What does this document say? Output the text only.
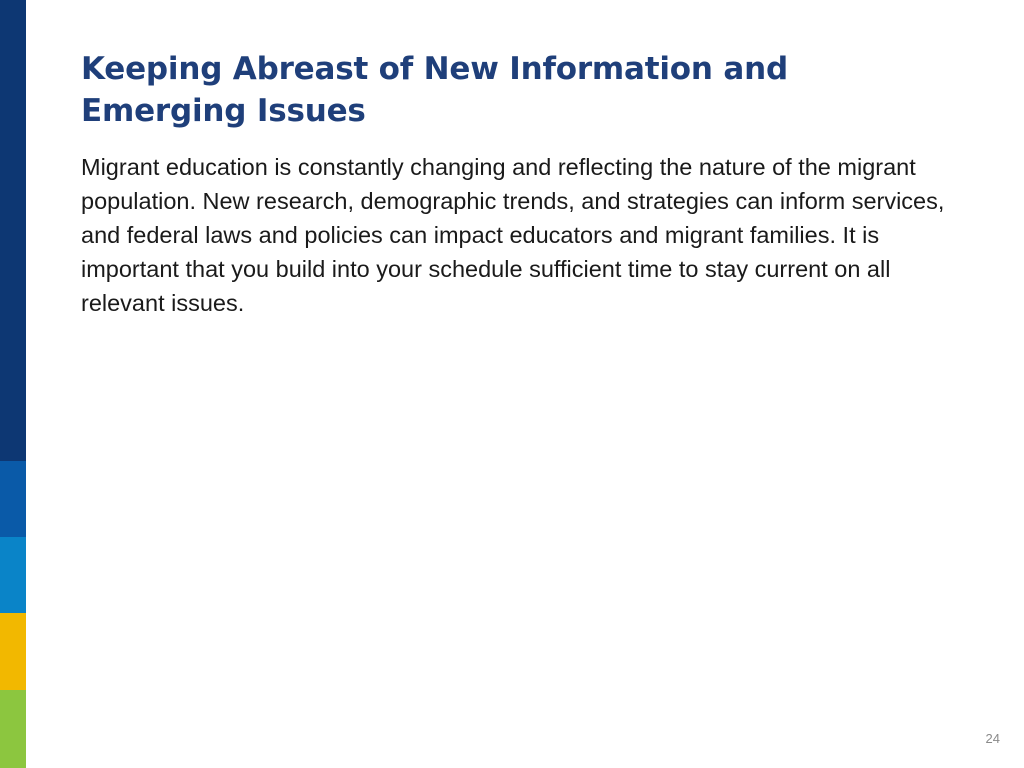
Keeping Abreast of New Information and Emerging Issues

Migrant education is constantly changing and reflecting the nature of the migrant population. New research, demographic trends, and strategies can inform services, and federal laws and policies can impact educators and migrant families. It is important that you build into your schedule sufficient time to stay current on all relevant issues.

24
